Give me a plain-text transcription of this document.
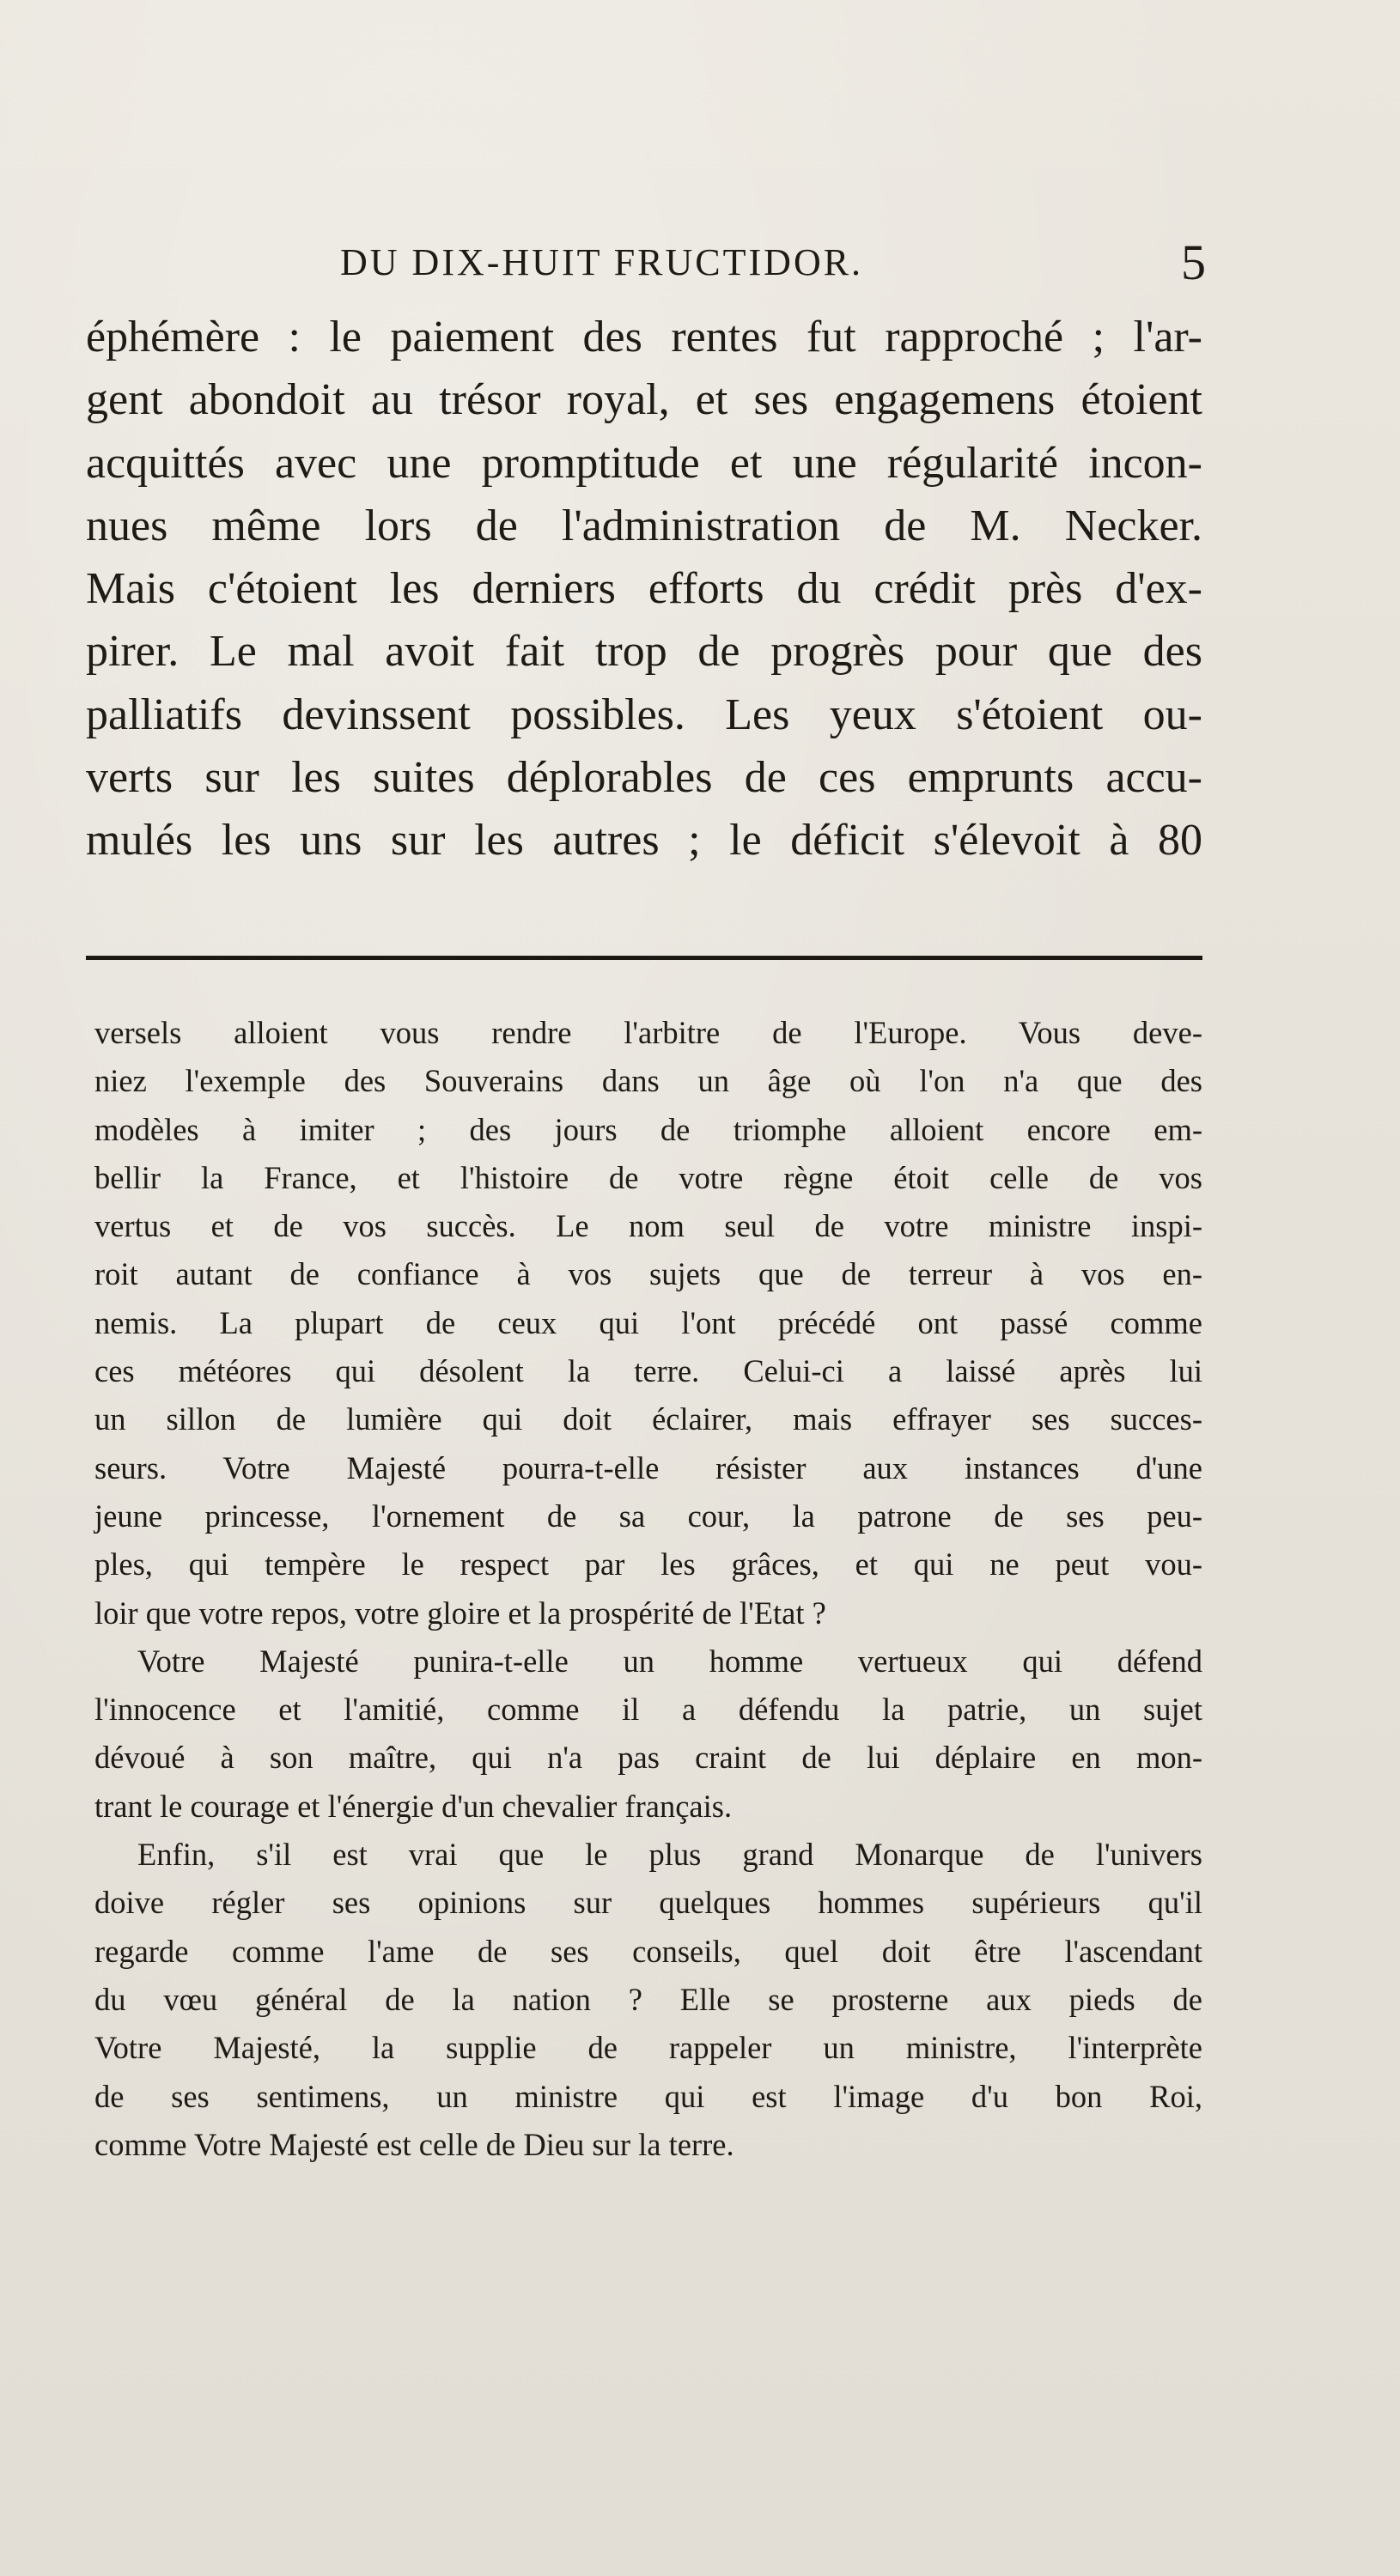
DU DIX-HUIT FRUCTIDOR.	5
éphémère : le paiement des rentes fut rapproché ; l'ar-
gent abondoit au trésor royal, et ses engagemens étoient
acquittés avec une promptitude et une régularité incon-
nues même lors de l'administration de M. Necker.
Mais c'étoient les derniers efforts du crédit près d'ex-
pirer. Le mal avoit fait trop de progrès pour que des
palliatifs devinssent possibles. Les yeux s'étoient ou-
verts sur les suites déplorables de ces emprunts accu-
mulés les uns sur les autres ; le déficit s'élevoit à 80
versels alloient vous rendre l'arbitre de l'Europe. Vous deve-
niez l'exemple des Souverains dans un âge où l'on n'a que des
modèles à imiter ; des jours de triomphe alloient encore em-
bellir la France, et l'histoire de votre règne étoit celle de vos
vertus et de vos succès. Le nom seul de votre ministre inspi-
roit autant de confiance à vos sujets que de terreur à vos en-
nemis. La plupart de ceux qui l'ont précédé ont passé comme
ces météores qui désolent la terre. Celui-ci a laissé après lui
un sillon de lumière qui doit éclairer, mais effrayer ses succes-
seurs. Votre Majesté pourra-t-elle résister aux instances d'une
jeune princesse, l'ornement de sa cour, la patrone de ses peu-
ples, qui tempère le respect par les grâces, et qui ne peut vou-
loir que votre repos, votre gloire et la prospérité de l'Etat ?
Votre Majesté punira-t-elle un homme vertueux qui défend
l'innocence et l'amitié, comme il a défendu la patrie, un sujet
dévoué à son maître, qui n'a pas craint de lui déplaire en mon-
trant le courage et l'énergie d'un chevalier français.
Enfin, s'il est vrai que le plus grand Monarque de l'univers
doive régler ses opinions sur quelques hommes supérieurs qu'il
regarde comme l'ame de ses conseils, quel doit être l'ascendant
du vœu général de la nation ? Elle se prosterne aux pieds de
Votre Majesté, la supplie de rappeler un ministre, l'interprète
de ses sentimens, un ministre qui est l'image d'u bon Roi,
comme Votre Majesté est celle de Dieu sur la terre.
